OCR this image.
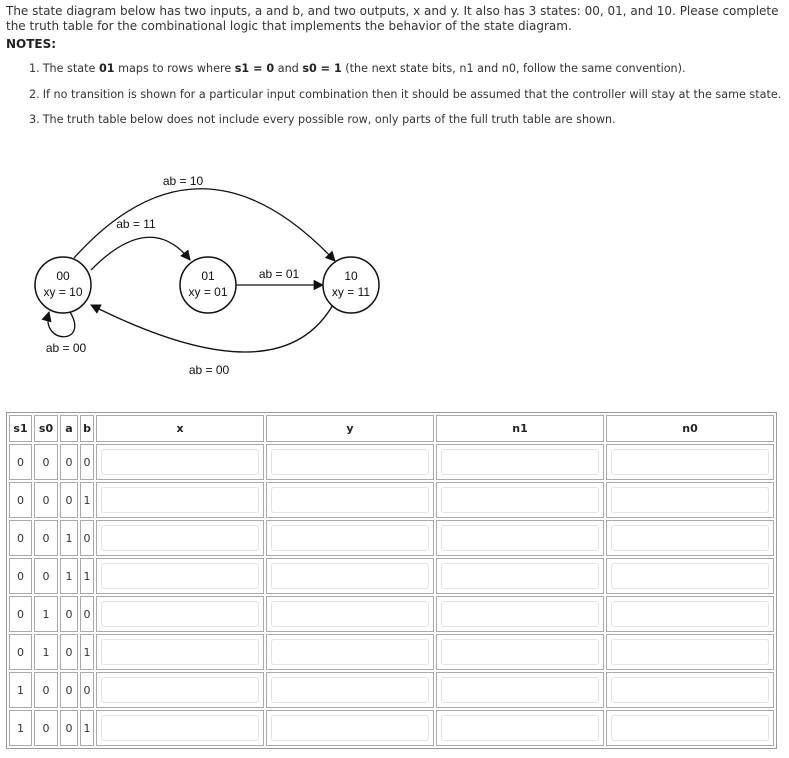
The state diagram below has two inputs, a and b, and two outputs, x and y. It also has 3 states: 00, 01, and 10. Please complete the truth table for the combinational logic that implements the behavior of the state diagram.
NOTES:
1. The state 01 maps to rows where s1 = 0 and s0 = 1 (the next state bits, n1 and n0, follow the same convention).
2. If no transition is shown for a particular input combination then it should be assumed that the controller will stay at the same state.
3. The truth table below does not include every possible row, only parts of the full truth table are shown.
00
xy = 10
01
xy = 01
10
xy = 11
ab = 10
ab = 11
ab = 01
ab = 00
ab = 00
s1	s0	a	b	x	y	n1	n0
0	0	0	0	

0	0	0	1	

0	0	1	0	

0	0	1	1	

0	1	0	0	

0	1	0	1	

1	0	0	0	

1	0	0	1	
